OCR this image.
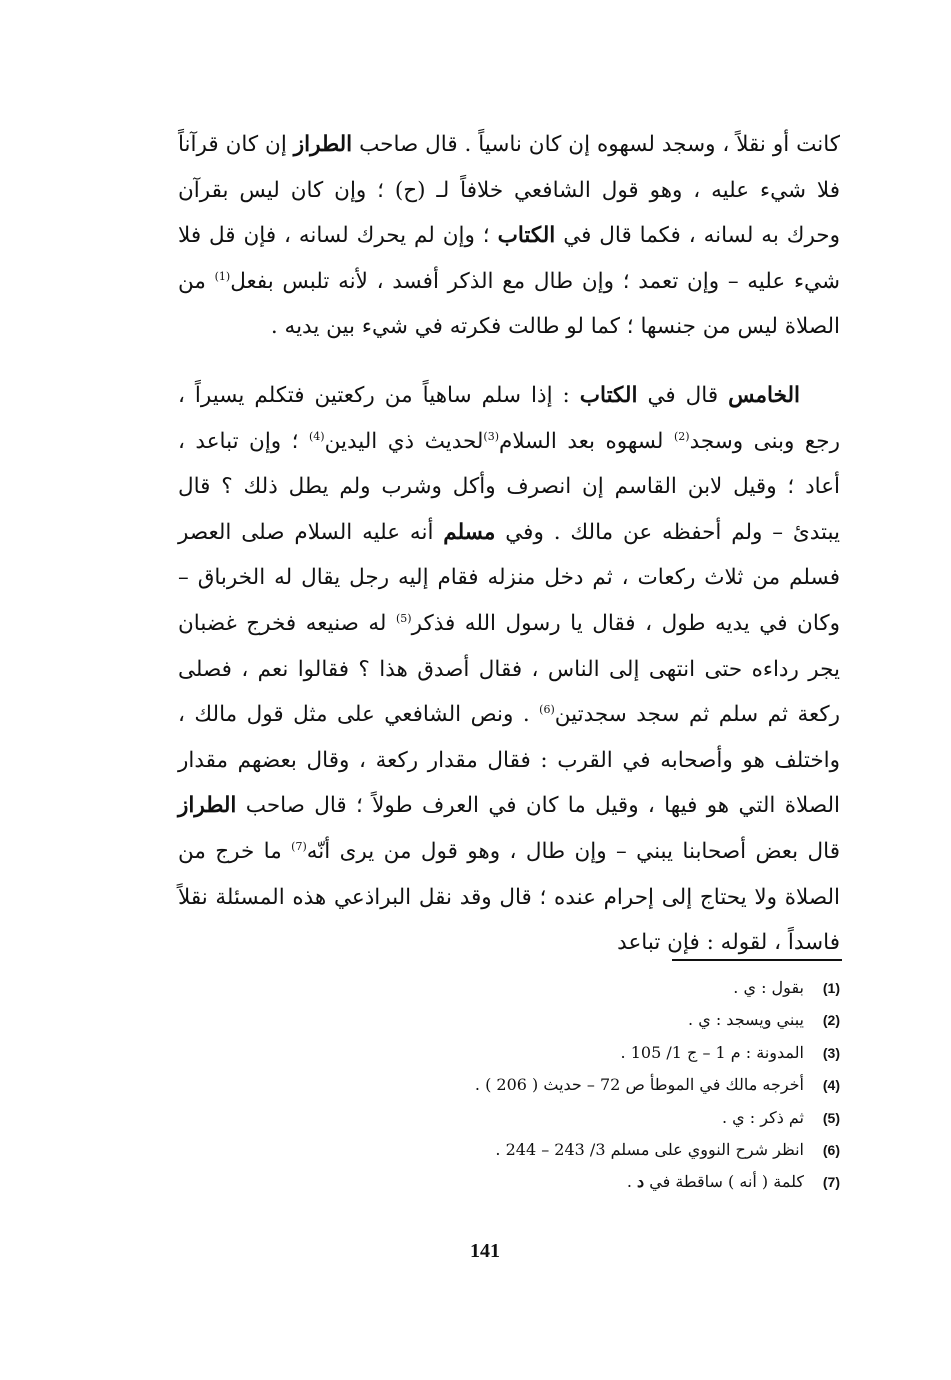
كانت أو نقلاً ، وسجد لسهوه إن كان ناسياً . قال صاحب الطراز إن كان قرآناً فلا شيء عليه ، وهو قول الشافعي خلافاً لـ (ح) ؛ وإن كان ليس بقرآن وحرك به لسانه ، فكما قال في الكتاب ؛ وإن لم يحرك لسانه ، فإن قل فلا شيء عليه – وإن تعمد ؛ وإن طال مع الذكر أفسد ، لأنه تلبس بفعل$^{(1)}$ من الصلاة ليس من جنسها ؛ كما لو طالت فكرته في شيء بين يديه .
الخامس قال في الكتاب : إذا سلم ساهياً من ركعتين فتكلم يسيراً ، رجع وبنى وسجد$^{(2)}$ لسهوه بعد السلام$^{(3)}$لحديث ذي اليدين$^{(4)}$ ؛ وإن تباعد ، أعاد ؛ وقيل لابن القاسم إن انصرف وأكل وشرب ولم يطل ذلك ؟ قال يبتدئ – ولم أحفظه عن مالك . وفي مسلم أنه عليه السلام صلى العصر فسلم من ثلاث ركعات ، ثم دخل منزله فقام إليه رجل يقال له الخرباق – وكان في يديه طول ، فقال يا رسول الله فذكر$^{(5)}$ له صنيعه فخرج غضبان يجر رداءه حتى انتهى إلى الناس ، فقال أصدق هذا ؟ فقالوا نعم ، فصلى ركعة ثم سلم ثم سجد سجدتين$^{(6)}$ . ونص الشافعي على مثل قول مالك ، واختلف هو وأصحابه في القرب : فقال مقدار ركعة ، وقال بعضهم مقدار الصلاة التي هو فيها ، وقيل ما كان في العرف طولاً ؛ قال صاحب الطراز قال بعض أصحابنا يبني – وإن طال ، وهو قول من يرى أنّه$^{(7)}$ ما خرج من الصلاة ولا يحتاج إلى إحرام عنده ؛ قال وقد نقل البراذعي هذه المسئلة نقلاً فاسداً ، لقوله : فإن تباعد
(1)بقول : ي .
(2)يبني ويسجد : ي .
(3)المدونة : م 1 – ج 1/ 105 .
(4)أخرجه مالك في الموطأ ص 72 – حديث ( 206 ) .
(5)ثم ذكر : ي .
(6)انظر شرح النووي على مسلم 3/ 243 – 244 .
(7)كلمة ( أنه ) ساقطة في د .
141
